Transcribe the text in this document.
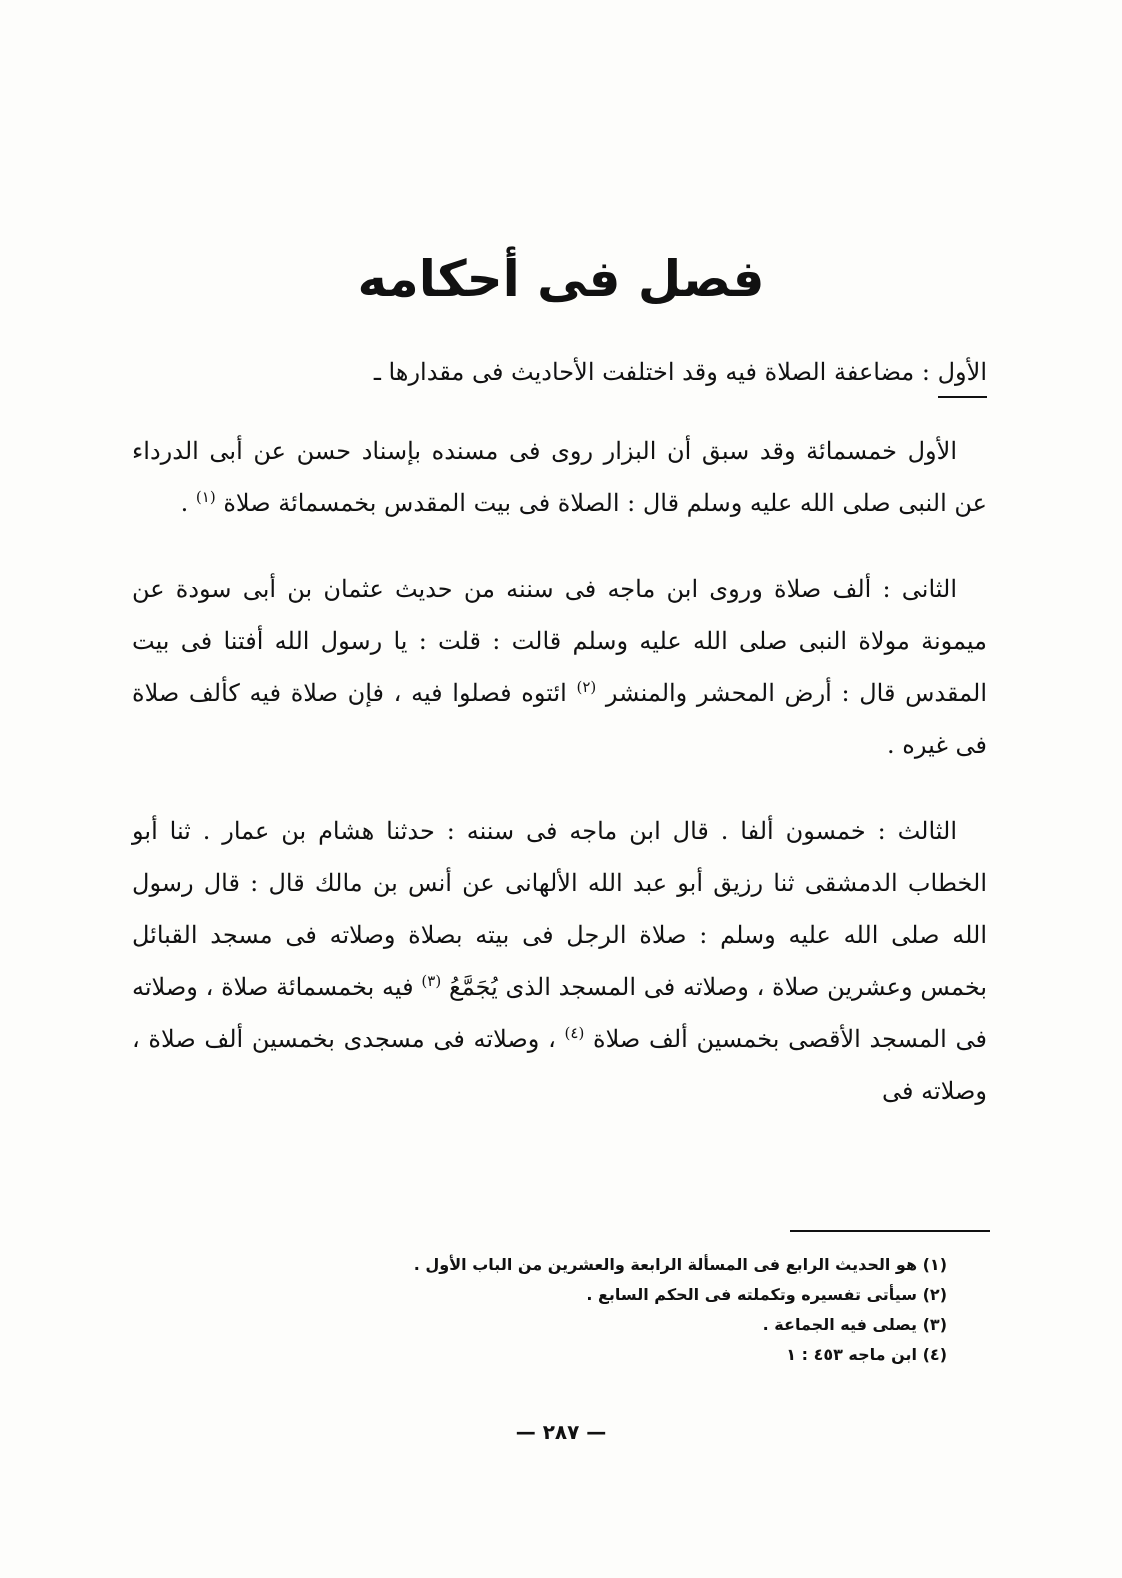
فصل فى أحكامه
الأول : مضاعفة الصلاة فيه وقد اختلفت الأحاديث فى مقدارها ـ

الأول خمسمائة وقد سبق أن البزار روى فى مسنده بإسناد حسن عن أبى الدرداء عن النبى صلى الله عليه وسلم قال : الصلاة فى بيت المقدس بخمسمائة صلاة $^{(١)}$ .

الثانى : ألف صلاة وروى ابن ماجه فى سننه من حديث عثمان بن أبى سودة عن ميمونة مولاة النبى صلى الله عليه وسلم قالت : قلت : يا رسول الله أفتنا فى بيت المقدس قال : أرض المحشر والمنشر $^{(٢)}$ ائتوه فصلوا فيه ، فإن صلاة فيه كألف صلاة فى غيره .

الثالث : خمسون ألفا . قال ابن ماجه فى سننه : حدثنا هشام بن عمار . ثنا أبو الخطاب الدمشقى ثنا رزيق أبو عبد الله الألهانى عن أنس بن مالك قال : قال رسول الله صلى الله عليه وسلم : صلاة الرجل فى بيته بصلاة وصلاته فى مسجد القبائل بخمس وعشرين صلاة ، وصلاته فى المسجد الذى يُجَمَّعُ $^{(٣)}$ فيه بخمسمائة صلاة ، وصلاته فى المسجد الأقصى بخمسين ألف صلاة $^{(٤)}$ ، وصلاته فى مسجدى بخمسين ألف صلاة ، وصلاته فى

(١) هو الحديث الرابع فى المسألة الرابعة والعشرين من الباب الأول .
(٢) سيأتى تفسيره وتكملته فى الحكم السابع .
(٣) يصلى فيه الجماعة .
(٤) ابن ماجه ٤٥٣ : ١
— ٢٨٧ —
